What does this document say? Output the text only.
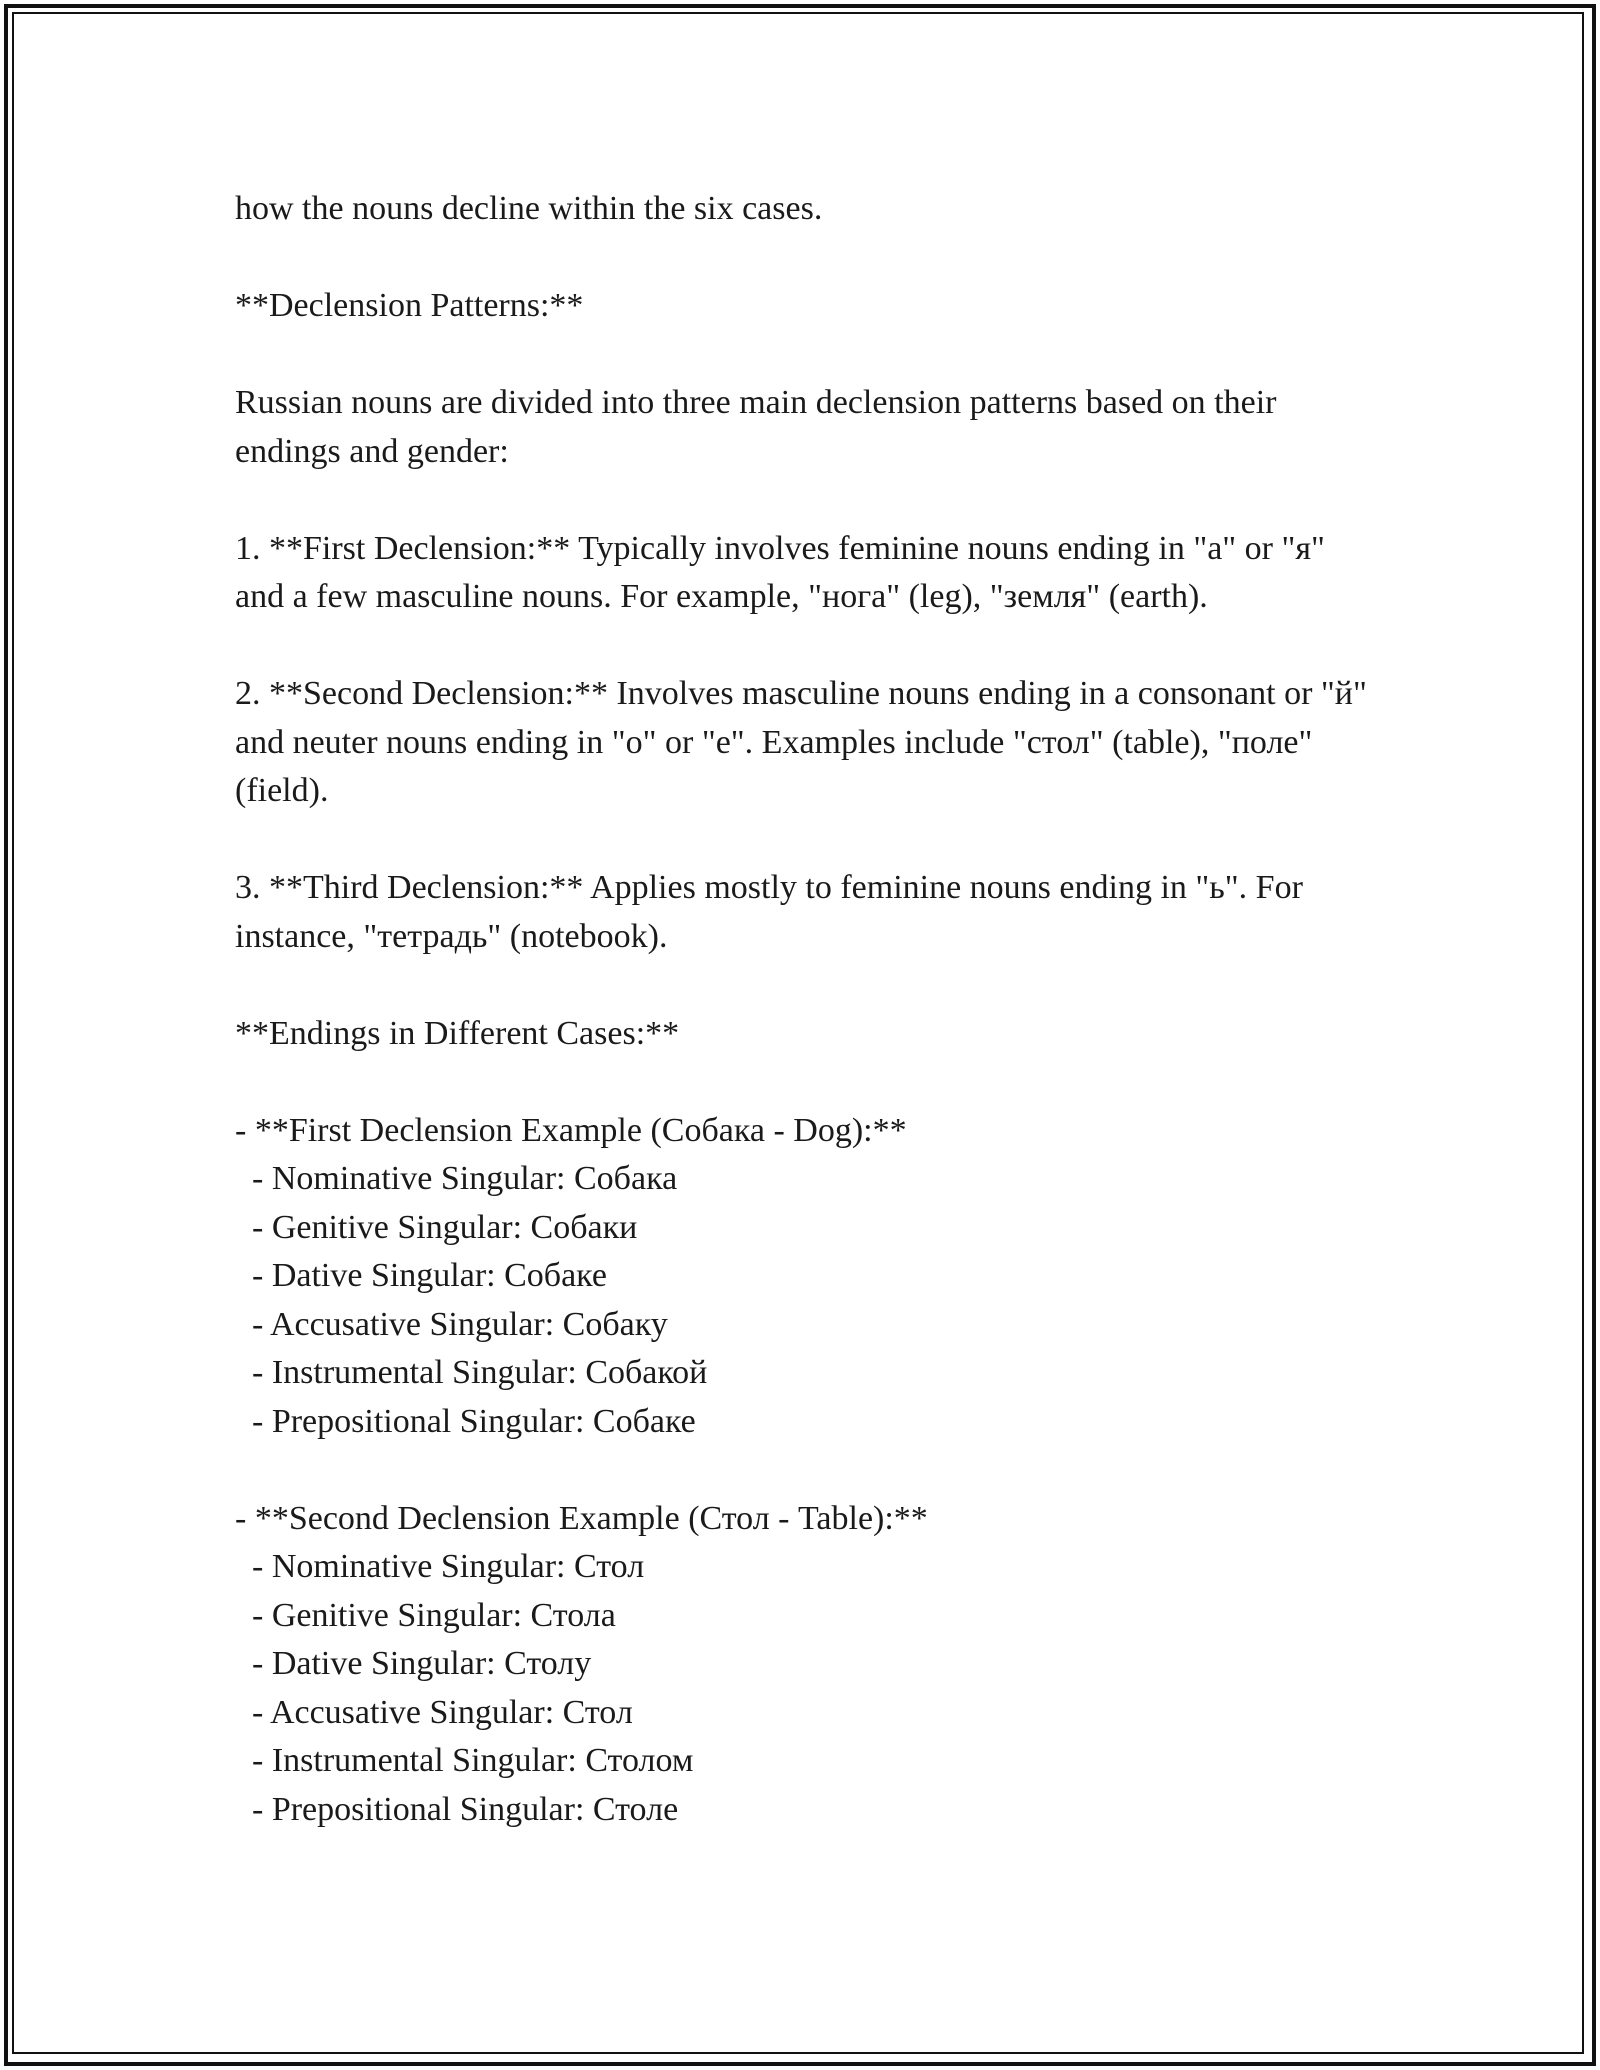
how the nouns decline within the six cases.

**Declension Patterns:**

Russian nouns are divided into three main declension patterns based on their endings and gender:

1. **First Declension:** Typically involves feminine nouns ending in "а" or "я" and a few masculine nouns. For example, "нога" (leg), "земля" (earth).

2. **Second Declension:** Involves masculine nouns ending in a consonant or "й" and neuter nouns ending in "о" or "е". Examples include "стол" (table), "поле" (field).

3. **Third Declension:** Applies mostly to feminine nouns ending in "ь". For instance, "тетрадь" (notebook).

**Endings in Different Cases:**

- **First Declension Example (Собака - Dog):**
- Nominative Singular: Собака
- Genitive Singular: Собаки
- Dative Singular: Собаке
- Accusative Singular: Собаку
- Instrumental Singular: Собакой
- Prepositional Singular: Собаке
- **Second Declension Example (Стол - Table):**
- Nominative Singular: Стол
- Genitive Singular: Стола
- Dative Singular: Столу
- Accusative Singular: Стол
- Instrumental Singular: Столом
- Prepositional Singular: Столе
